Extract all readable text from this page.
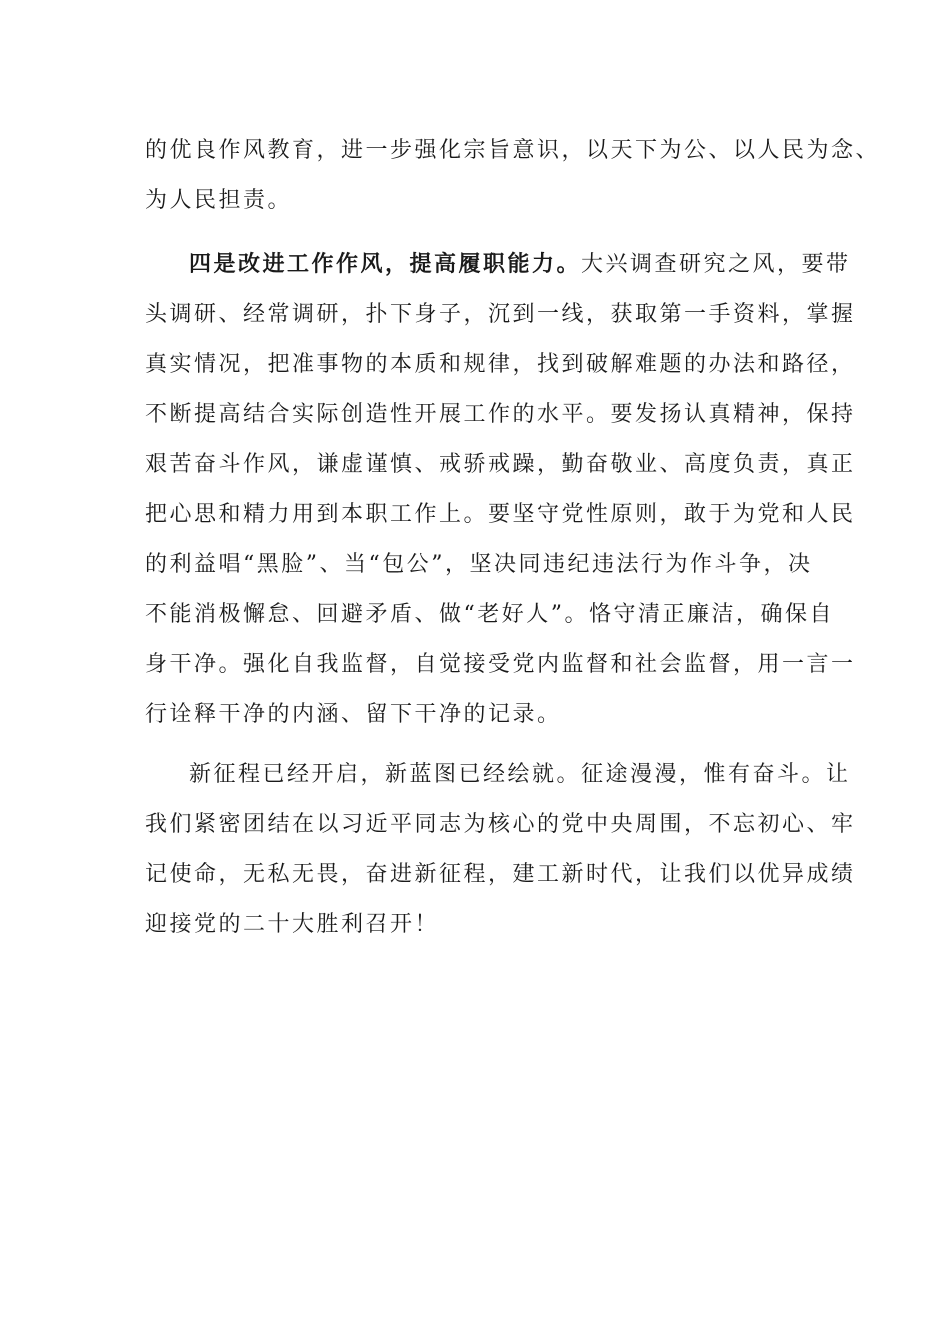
的优良作风教育，进一步强化宗旨意识，以天下为公、以人民为念、
为人民担责。
四是改进工作作风，提高履职能力。大兴调查研究之风，要带
头调研、经常调研，扑下身子，沉到一线，获取第一手资料，掌握
真实情况，把准事物的本质和规律，找到破解难题的办法和路径，
不断提高结合实际创造性开展工作的水平。要发扬认真精神，保持
艰苦奋斗作风，谦虚谨慎、戒骄戒躁，勤奋敬业、高度负责，真正
把心思和精力用到本职工作上。要坚守党性原则，敢于为党和人民
的利益唱“黑脸”、当“包公”，坚决同违纪违法行为作斗争，决
不能消极懈怠、回避矛盾、做“老好人”。恪守清正廉洁，确保自
身干净。强化自我监督，自觉接受党内监督和社会监督，用一言一
行诠释干净的内涵、留下干净的记录。
新征程已经开启，新蓝图已经绘就。征途漫漫，惟有奋斗。让
我们紧密团结在以习近平同志为核心的党中央周围，不忘初心、牢
记使命，无私无畏，奋进新征程，建工新时代，让我们以优异成绩
迎接党的二十大胜利召开！
